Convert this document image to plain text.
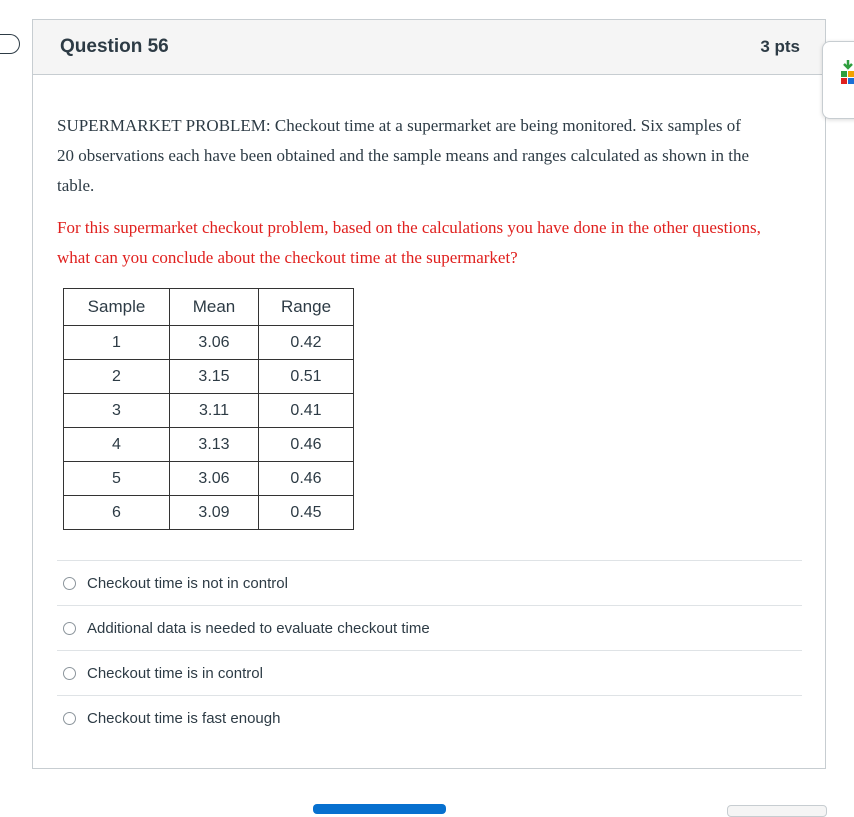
Question 56	3 pts

SUPERMARKET PROBLEM: Checkout time at a supermarket are being monitored. Six samples of 20 observations each have been obtained and the sample means and ranges calculated as shown in the table.

For this supermarket checkout problem, based on the calculations you have done in the other questions, what can you conclude about the checkout time at the supermarket?

Sample	Mean	Range
1	3.06	0.42
2	3.15	0.51
3	3.11	0.41
4	3.13	0.46
5	3.06	0.46
6	3.09	0.45
Checkout time is not in control
Additional data is needed to evaluate checkout time
Checkout time is in control
Checkout time is fast enough
